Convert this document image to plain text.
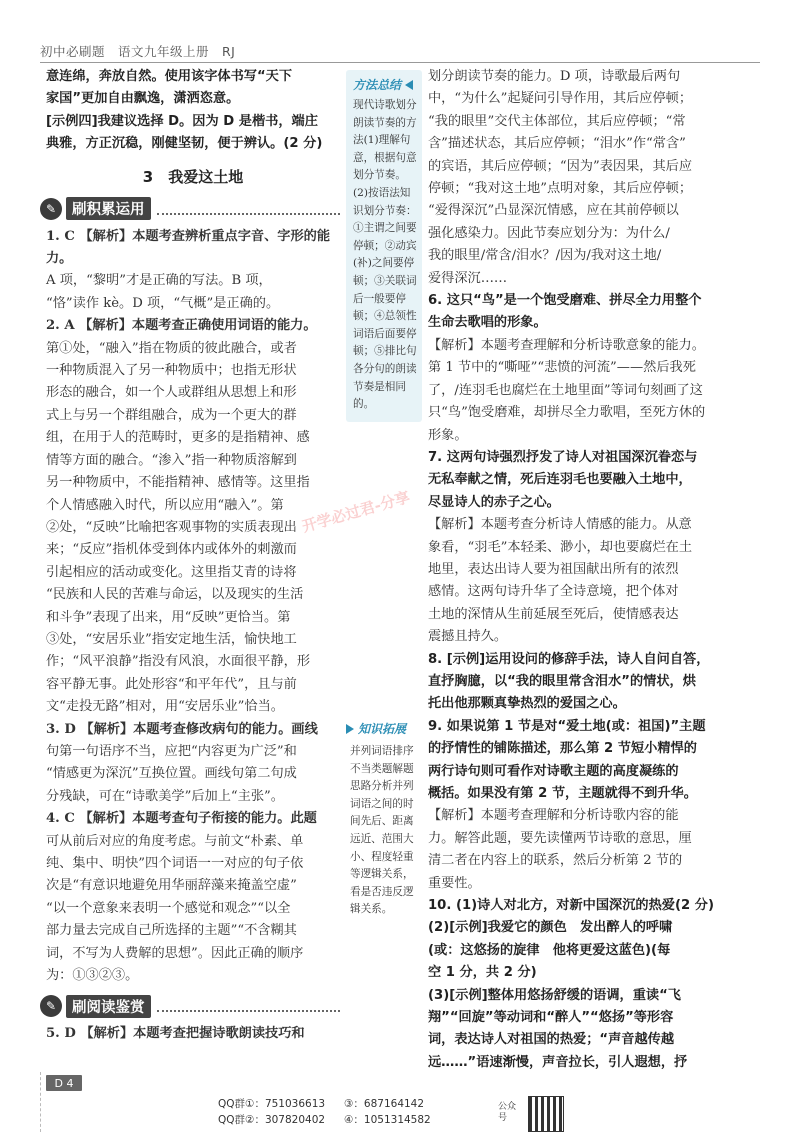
初中必刷题　语文九年级上册　RJ
开学必过君-分享

意连绵，奔放自然。使用该字体书写“天下

家国”更加自由飘逸，潇洒恣意。

[示例四]我建议选择 D。因为 D 是楷书，端庄

典雅，方正沉稳，刚健坚韧，便于辨认。(2 分)

3　我爱这土地
✎	刷积累运用

1. C 【解析】本题考查辨析重点字音、字形的能力。

A 项，“黎明”才是正确的写法。B 项，

“恪”读作 kè。D 项，“气概”是正确的。

2. A 【解析】本题考查正确使用词语的能力。

第①处，“融入”指在物质的彼此融合，或者

一种物质混入了另一种物质中；也指无形状

形态的融合，如一个人或群组从思想上和形

式上与另一个群组融合，成为一个更大的群

组，在用于人的范畴时，更多的是指精神、感

情等方面的融合。“渗入”指一种物质溶解到

另一种物质中，不能指精神、感情等。这里指

个人情感融入时代，所以应用“融入”。第

②处，“反映”比喻把客观事物的实质表现出

来；“反应”指机体受到体内或体外的刺激而

引起相应的活动或变化。这里指艾青的诗将

“民族和人民的苦难与命运，以及现实的生活

和斗争”表现了出来，用“反映”更恰当。第

③处，“安居乐业”指安定地生活，愉快地工

作；“风平浪静”指没有风浪，水面很平静，形

容平静无事。此处形容“和平年代”，且与前

文“走投无路”相对，用“安居乐业”恰当。

3. D 【解析】本题考查修改病句的能力。画线

句第一句语序不当，应把“内容更为广泛”和

“情感更为深沉”互换位置。画线句第二句成

分残缺，可在“诗歌美学”后加上“主张”。

4. C 【解析】本题考查句子衔接的能力。此题

可从前后对应的角度考虑。与前文“朴素、单

纯、集中、明快”四个词语一一对应的句子依

次是“有意识地避免用华丽辞藻来掩盖空虚”

“以一个意象来表明一个感觉和观念”“以全

部力量去完成自己所选择的主题”“不含糊其

词，不写为人费解的思想”。因此正确的顺序

为：①③②③。

✎	刷阅读鉴赏

5. D 【解析】本题考查把握诗歌朗读技巧和

方法总结
现代诗歌划分朗读节奏的方法(1)理解句意，根据句意划分节奏。(2)按语法知识划分节奏：①主谓之间要停顿；②动宾(补)之间要停顿；③关联词后一般要停顿；④总领性词语后面要停顿；⑤排比句各分句的朗读节奏是相同的。
知识拓展
并列词语排序不当类题解题思路分析并列词语之间的时间先后、距离远近、范围大小、程度轻重等逻辑关系，看是否违反逻辑关系。

划分朗读节奏的能力。D 项，诗歌最后两句

中，“为什么”起疑问引导作用，其后应停顿；

“我的眼里”交代主体部位，其后应停顿；“常

含”描述状态，其后应停顿；“泪水”作“常含”

的宾语，其后应停顿；“因为”表因果，其后应

停顿；“我对这土地”点明对象，其后应停顿；

“爱得深沉”凸显深沉情感，应在其前停顿以

强化感染力。因此节奏应划分为：为什么/

我的眼里/常含/泪水？/因为/我对这土地/

爱得深沉……

6. 这只“鸟”是一个饱受磨难、拼尽全力用整个

生命去歌唱的形象。

【解析】本题考查理解和分析诗歌意象的能力。

第 1 节中的“嘶哑”“悲愤的河流”——然后我死

了，/连羽毛也腐烂在土地里面”等词句刻画了这

只“鸟”饱受磨难，却拼尽全力歌唱，至死方休的

形象。

7. 这两句诗强烈抒发了诗人对祖国深沉眷恋与

无私奉献之情，死后连羽毛也要融入土地中，

尽显诗人的赤子之心。

【解析】本题考查分析诗人情感的能力。从意

象看，“羽毛”本轻柔、渺小，却也要腐烂在土

地里，表达出诗人要为祖国献出所有的浓烈

感情。这两句诗升华了全诗意境，把个体对

土地的深情从生前延展至死后，使情感表达

震撼且持久。

8. [示例]运用设问的修辞手法，诗人自问自答，

直抒胸臆，以“我的眼里常含泪水”的情状，烘

托出他那颗真挚热烈的爱国之心。

9. 如果说第 1 节是对“爱土地(或：祖国)”主题

的抒情性的铺陈描述，那么第 2 节短小精悍的

两行诗句则可看作对诗歌主题的高度凝练的

概括。如果没有第 2 节，主题就得不到升华。

【解析】本题考查理解和分析诗歌内容的能

力。解答此题，要先读懂两节诗歌的意思，厘

清二者在内容上的联系，然后分析第 2 节的

重要性。

10. (1)诗人对北方，对新中国深沉的热爱(2 分)

(2)[示例]我爱它的颜色　发出醉人的呼啸

(或：这悠扬的旋律　他将更爱这蓝色)(每

空 1 分，共 2 分)

(3)[示例]整体用悠扬舒缓的语调，重读“飞

翔”“回旋”等动词和“醉人”“悠扬”等形容

词，表达诗人对祖国的热爱；“声音越传越

远……”语速渐慢，声音拉长，引人遐想，抒

D 4
QQ群①：751036613
QQ群②：307820402
③：687164142
④：1051314582
公众号
